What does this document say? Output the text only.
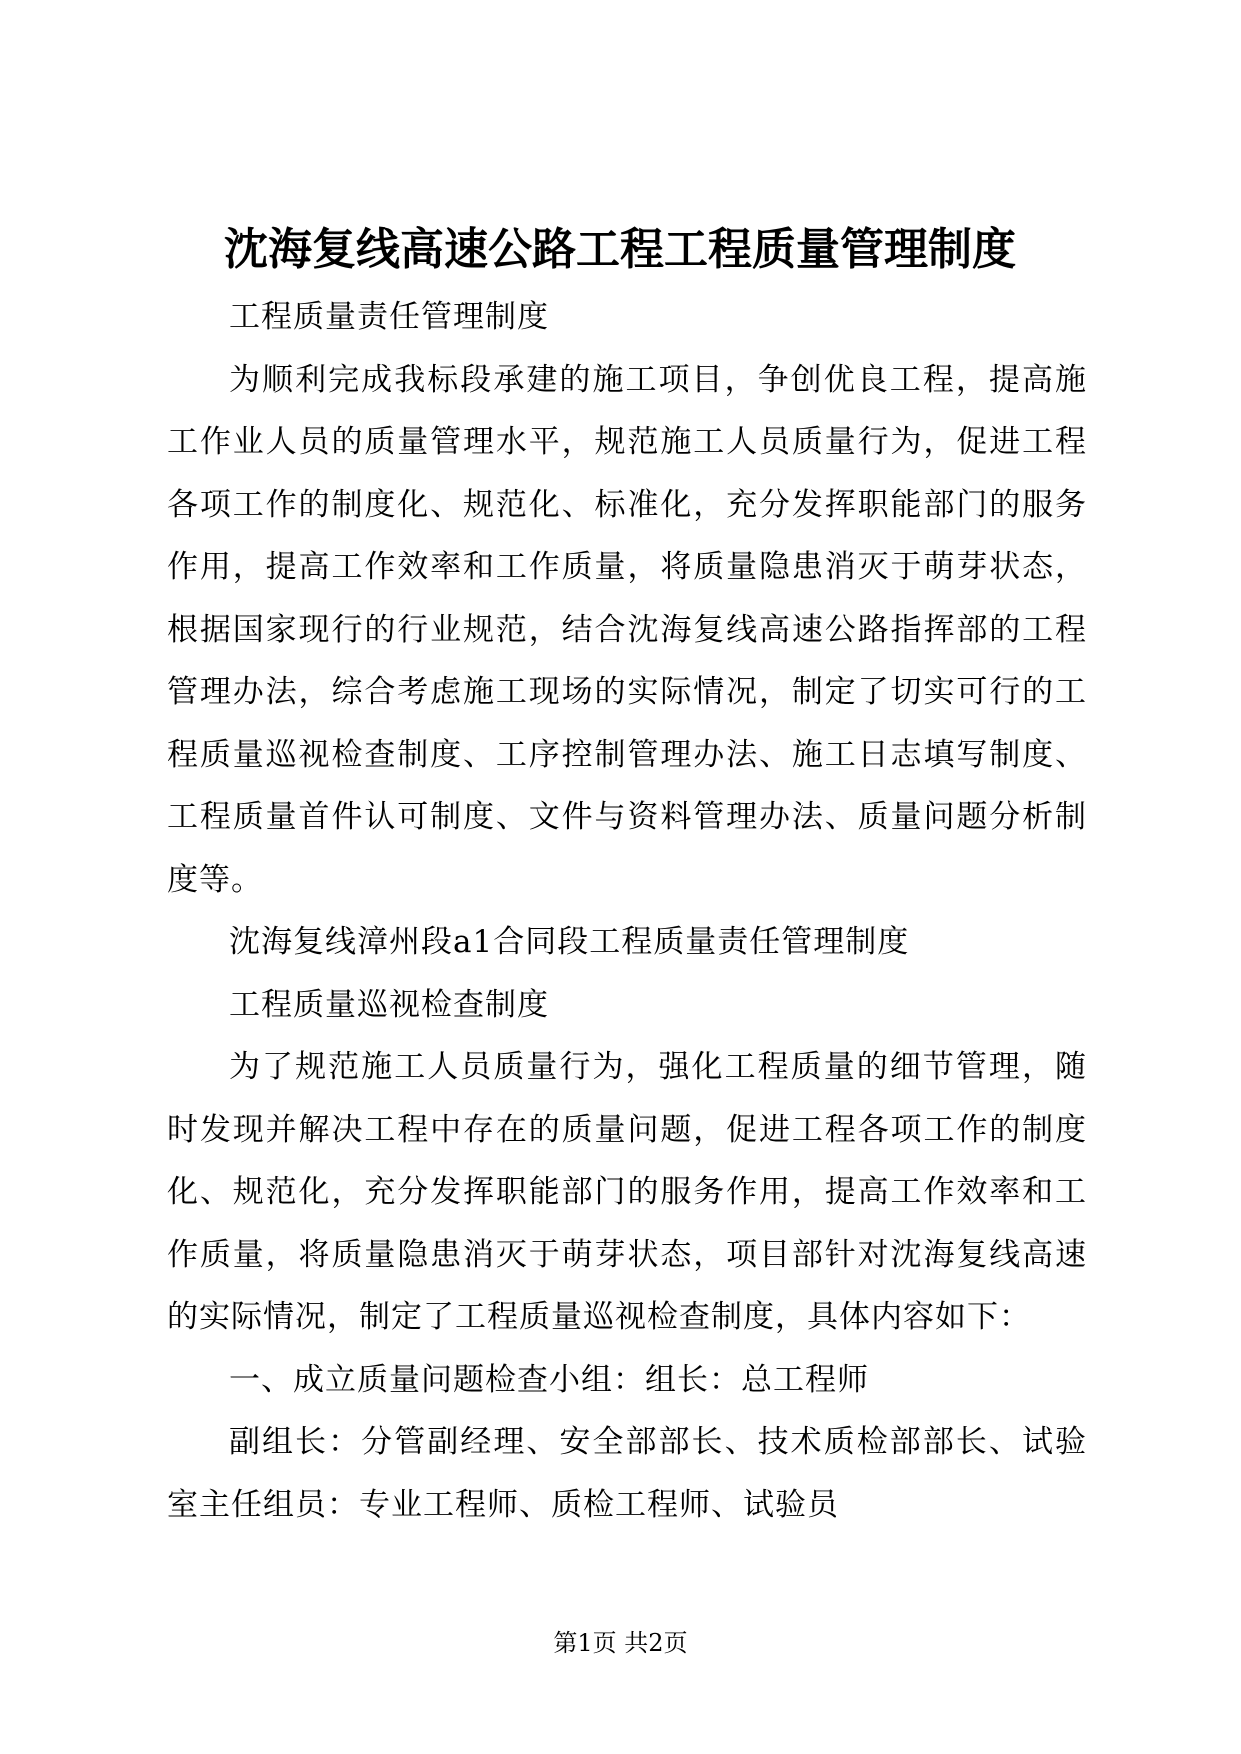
沈海复线高速公路工程工程质量管理制度

工程质量责任管理制度

为顺利完成我标段承建的施工项目，争创优良工程，提高施工作业人员的质量管理水平，规范施工人员质量行为，促进工程各项工作的制度化、规范化、标准化，充分发挥职能部门的服务作用，提高工作效率和工作质量，将质量隐患消灭于萌芽状态，根据国家现行的行业规范，结合沈海复线高速公路指挥部的工程管理办法，综合考虑施工现场的实际情况，制定了切实可行的工程质量巡视检查制度、工序控制管理办法、施工日志填写制度、工程质量首件认可制度、文件与资料管理办法、质量问题分析制度等。

沈海复线漳州段a1合同段工程质量责任管理制度

工程质量巡视检查制度

为了规范施工人员质量行为，强化工程质量的细节管理，随时发现并解决工程中存在的质量问题，促进工程各项工作的制度化、规范化，充分发挥职能部门的服务作用，提高工作效率和工作质量，将质量隐患消灭于萌芽状态，项目部针对沈海复线高速的实际情况，制定了工程质量巡视检查制度，具体内容如下：

一、成立质量问题检查小组：组长：总工程师

副组长：分管副经理、安全部部长、技术质检部部长、试验室主任组员：专业工程师、质检工程师、试验员

第1页 共2页
